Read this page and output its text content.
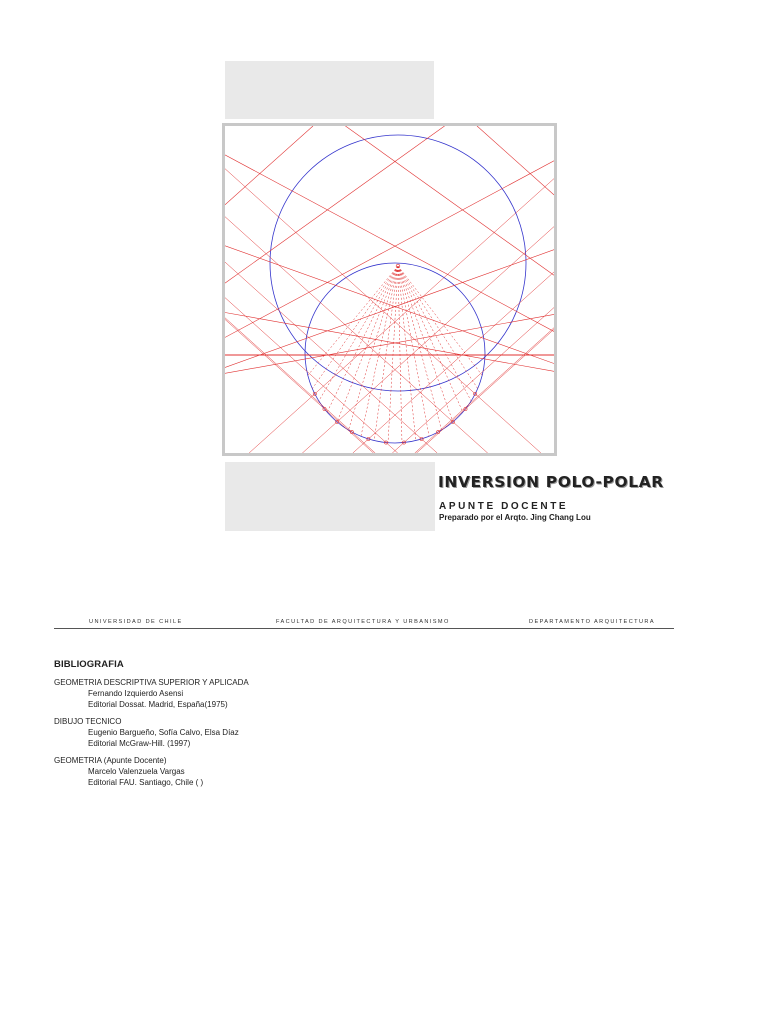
INVERSION POLO-POLAR
APUNTE DOCENTE
Preparado por el Arqto. Jing Chang Lou
UNIVERSIDAD DE CHILE	FACULTAD DE ARQUITECTURA Y URBANISMO	DEPARTAMENTO ARQUITECTURA
BIBLIOGRAFIA
GEOMETRIA DESCRIPTIVA SUPERIOR Y APLICADA
Fernando Izquierdo Asensi
Editorial Dossat. Madrid, España(1975)
DIBUJO TECNICO
Eugenio Bargueño, Sofía Calvo, Elsa Díaz
Editorial McGraw-Hill. (1997)
GEOMETRIA (Apunte Docente)
Marcelo Valenzuela Vargas
Editorial FAU. Santiago, Chile ( )
